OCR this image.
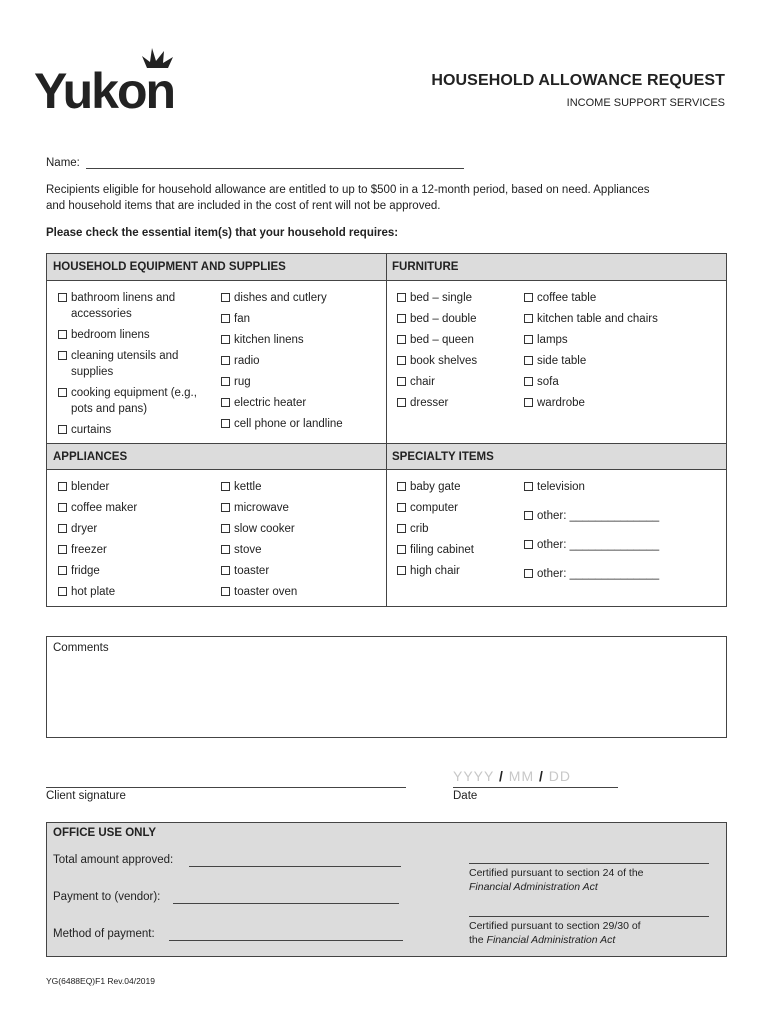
Yukon	HOUSEHOLD ALLOWANCE REQUEST
INCOME SUPPORT SERVICES
Name:
Recipients eligible for household allowance are entitled to up to $500 in a 12-month period, based on need. Appliances
and household items that are included in the cost of rent will not be approved.
Please check the essential item(s) that your household requires:
HOUSEHOLD EQUIPMENT AND SUPPLIES	FURNITURE
APPLIANCES	SPECIALTY ITEMS
bathroom linens and accessories
bedroom linens
cleaning utensils and supplies
cooking equipment (e.g., pots and pans)
curtains
dishes and cutlery
fan
kitchen linens
radio
rug
electric heater
cell phone or landline
bed – single
bed – double
bed – queen
book shelves
chair
dresser
coffee table
kitchen table and chairs
lamps
side table
sofa
wardrobe
blender
coffee maker
dryer
freezer
fridge
hot plate
kettle
microwave
slow cooker
stove
toaster
toaster oven
baby gate
computer
crib
filing cabinet
high chair
television
other: ______________
other: ______________
other: ______________
Comments
Client signature
YYYY / MM / DD
Date
OFFICE USE ONLY
Total amount approved:
Payment to (vendor):
Method of payment:
Certified pursuant to section 24 of the
Financial Administration Act
Certified pursuant to section 29/30 of
the Financial Administration Act
YG(6488EQ)F1 Rev.04/2019
